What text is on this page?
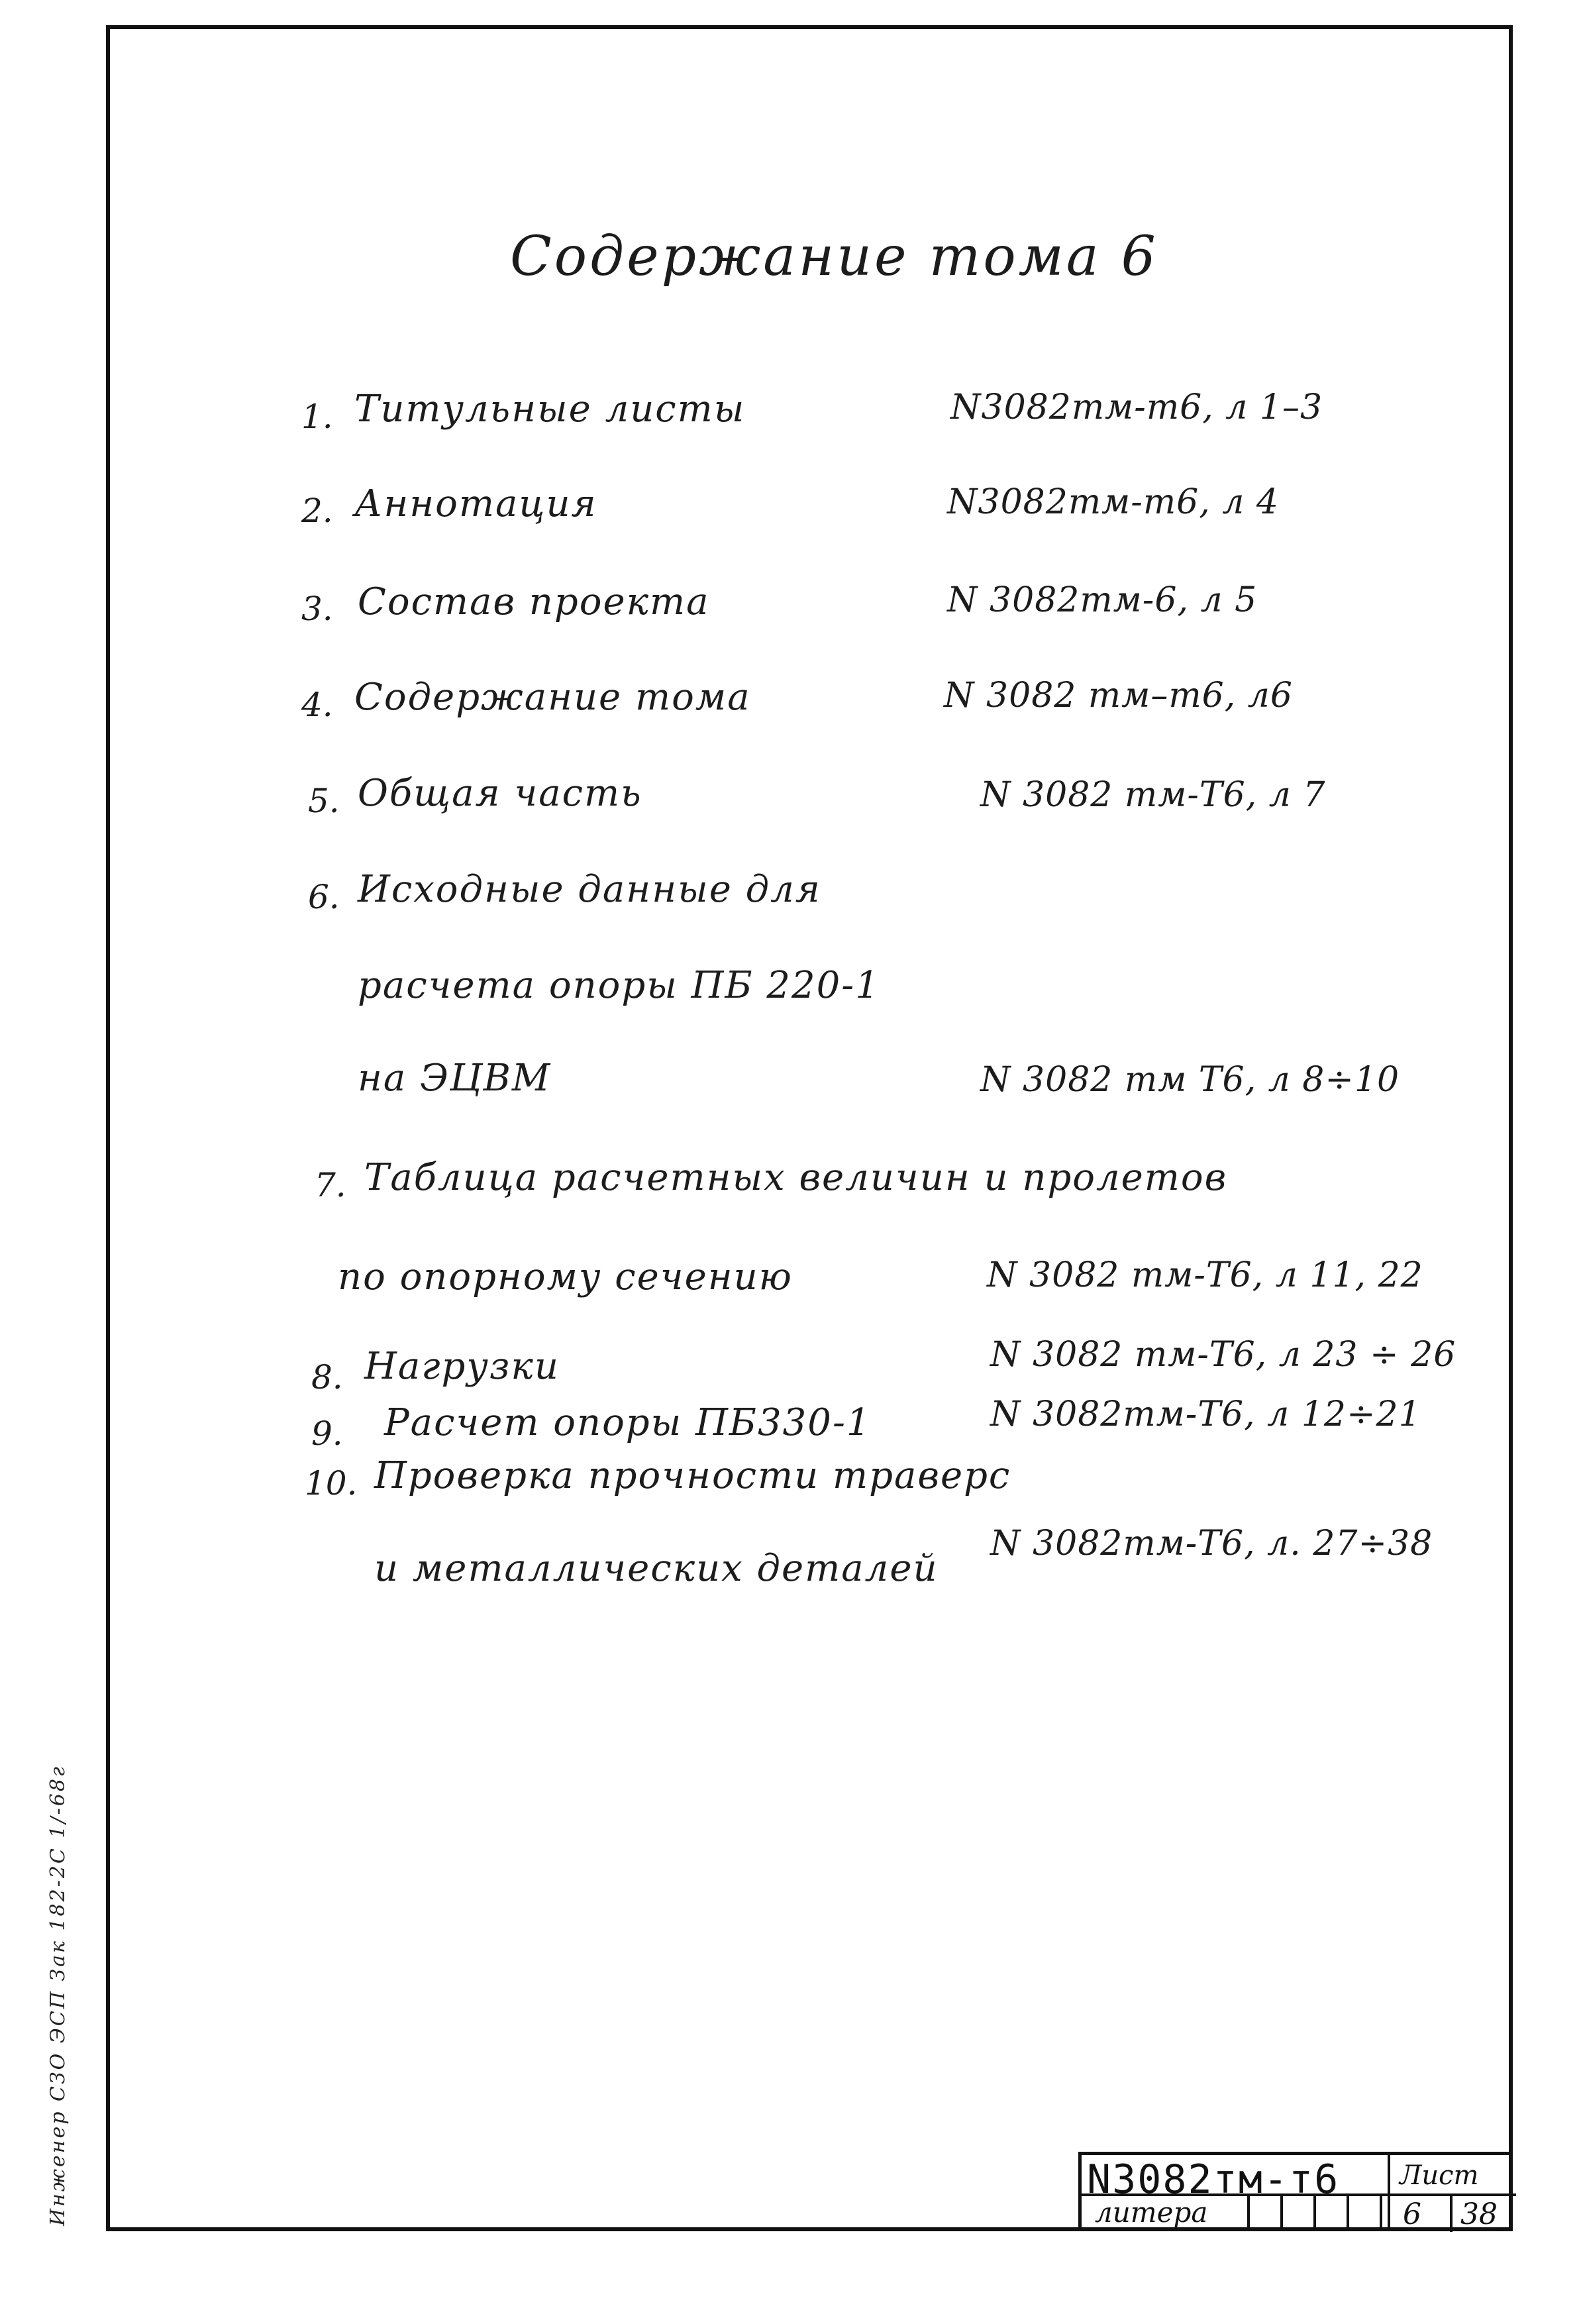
Содержание тома 6
1. Титульные листы	N3082тм-т6, л 1–3
2. Аннотация	N3082тм-т6, л 4
3. Состав проекта	N 3082тм-6, л 5
4. Содержание тома	N 3082 тм–т6, л6
5. Общая часть	N 3082 тм-Т6, л 7
6. Исходные данные для
расчета опоры ПБ 220-1
на ЭЦВМ	N 3082 тм Т6, л 8÷10
7. Таблица расчетных величин и пролетов
по опорному сечению	N 3082 тм-Т6, л 11, 22
8. Нагрузки	N 3082 тм-Т6, л 23 ÷ 26
9. Расчет опоры ПБ330-1	N 3082тм-Т6, л 12÷21
10. Проверка прочности траверс
и металлических деталей
N 3082тм-Т6, л. 27÷38
Инженер СЗО ЭСП Зак 182-2С 1/-68г	N3082тм-т6 Лист
литера	6 38
